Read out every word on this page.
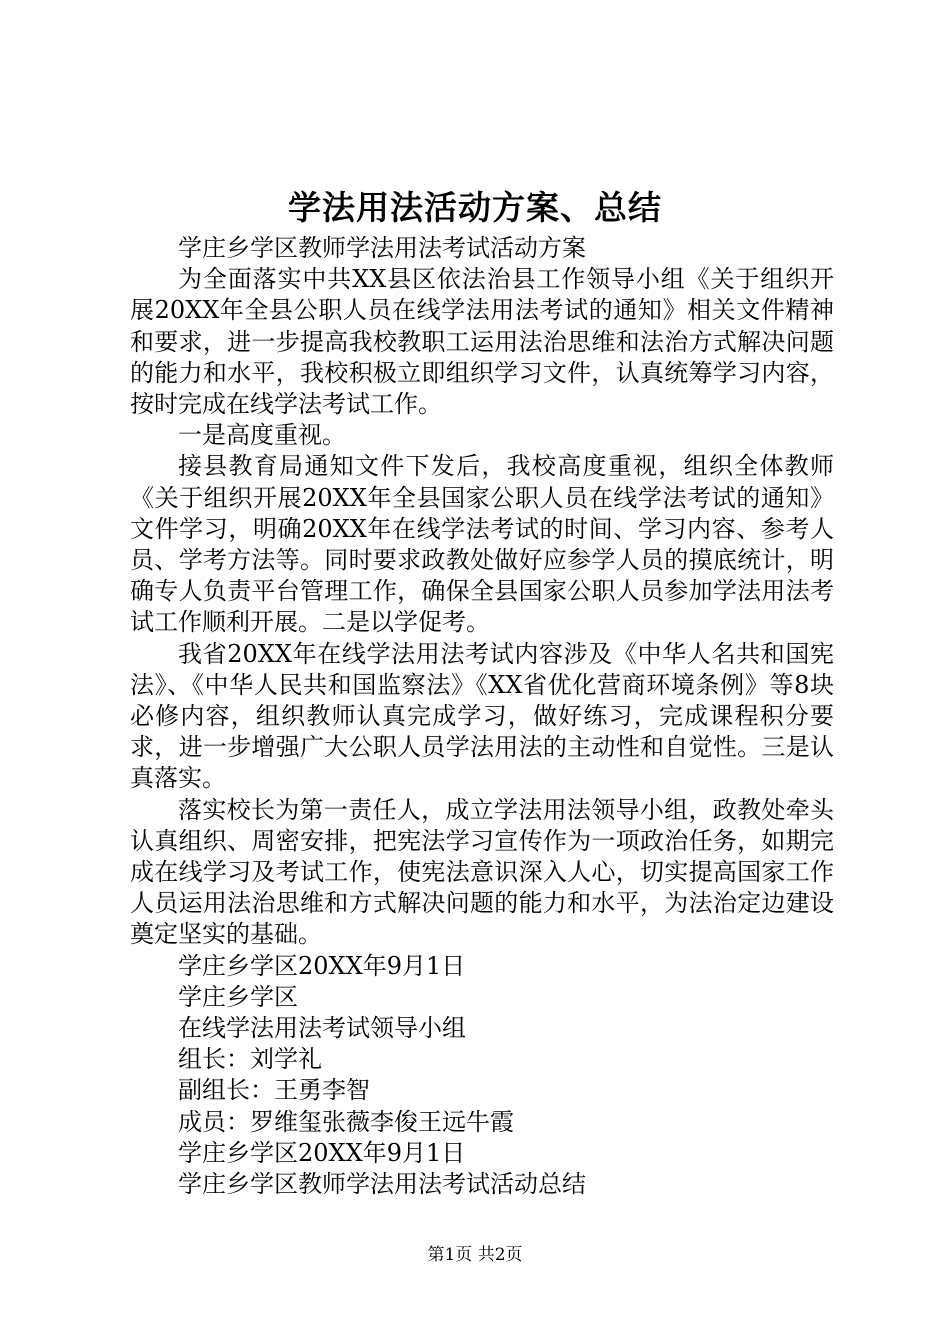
学法用法活动方案、总结

学庄乡学区教师学法用法考试活动方案

为全面落实中共XX县区依法治县工作领导小组《关于组织开展20XX年全县公职人员在线学法用法考试的通知》相关文件精神和要求，进一步提高我校教职工运用法治思维和法治方式解决问题的能力和水平，我校积极立即组织学习文件，认真统筹学习内容，按时完成在线学法考试工作。

一是高度重视。

接县教育局通知文件下发后，我校高度重视，组织全体教师《关于组织开展20XX年全县国家公职人员在线学法考试的通知》文件学习，明确20XX年在线学法考试的时间、学习内容、参考人员、学考方法等。同时要求政教处做好应参学人员的摸底统计，明确专人负责平台管理工作，确保全县国家公职人员参加学法用法考试工作顺利开展。二是以学促考。

我省20XX年在线学法用法考试内容涉及《中华人名共和国宪法》、《中华人民共和国监察法》《XX省优化营商环境条例》等8块必修内容，组织教师认真完成学习，做好练习，完成课程积分要求，进一步增强广大公职人员学法用法的主动性和自觉性。三是认真落实。

落实校长为第一责任人，成立学法用法领导小组，政教处牵头认真组织、周密安排，把宪法学习宣传作为一项政治任务，如期完成在线学习及考试工作，使宪法意识深入人心，切实提高国家工作人员运用法治思维和方式解决问题的能力和水平，为法治定边建设奠定坚实的基础。

学庄乡学区20XX年9月1日

学庄乡学区

在线学法用法考试领导小组

组长：刘学礼

副组长：王勇李智

成员：罗维玺张薇李俊王远牛霞

学庄乡学区20XX年9月1日

学庄乡学区教师学法用法考试活动总结

第1页 共2页
